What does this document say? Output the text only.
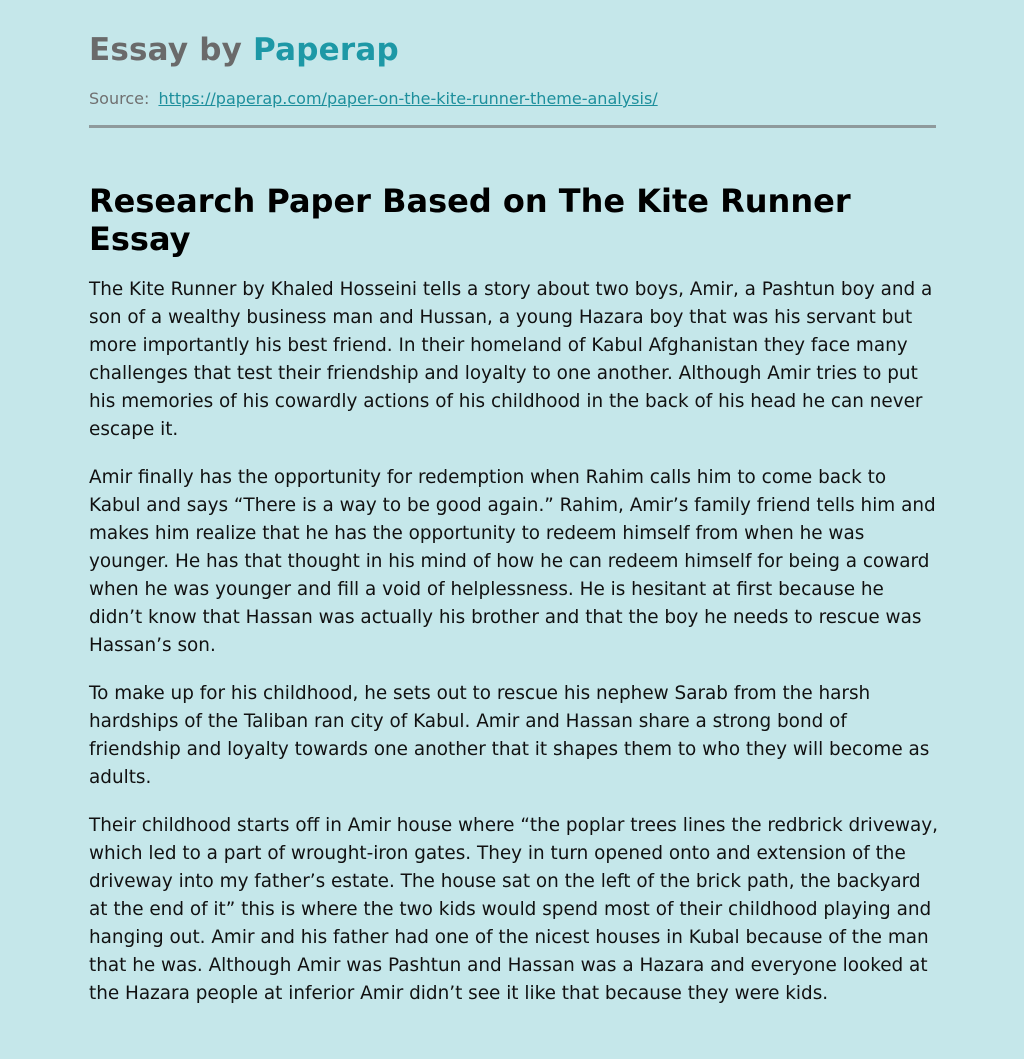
Essay by Paperap
Source: https://paperap.com/paper-on-the-kite-runner-theme-analysis/
Research Paper Based on The Kite Runner Essay

The Kite Runner by Khaled Hosseini tells a story about two boys, Amir, a Pashtun boy and a son of a wealthy business man and Hussan, a young Hazara boy that was his servant but more importantly his best friend. In their homeland of Kabul Afghanistan they face many challenges that test their friendship and loyalty to one another. Although Amir tries to put his memories of his cowardly actions of his childhood in the back of his head he can never escape it.

Amir finally has the opportunity for redemption when Rahim calls him to come back to Kabul and says “There is a way to be good again.” Rahim, Amir’s family friend tells him and makes him realize that he has the opportunity to redeem himself from when he was younger. He has that thought in his mind of how he can redeem himself for being a coward when he was younger and fill a void of helplessness. He is hesitant at first because he didn’t know that Hassan was actually his brother and that the boy he needs to rescue was Hassan’s son.

To make up for his childhood, he sets out to rescue his nephew Sarab from the harsh hardships of the Taliban ran city of Kabul. Amir and Hassan share a strong bond of friendship and loyalty towards one another that it shapes them to who they will become as adults.

Their childhood starts off in Amir house where “the poplar trees lines the redbrick driveway, which led to a part of wrought-iron gates. They in turn opened onto and extension of the driveway into my father’s estate. The house sat on the left of the brick path, the backyard at the end of it” this is where the two kids would spend most of their childhood playing and hanging out. Amir and his father had one of the nicest houses in Kubal because of the man that he was. Although Amir was Pashtun and Hassan was a Hazara and everyone looked at the Hazara people at inferior Amir didn’t see it like that because they were kids.
